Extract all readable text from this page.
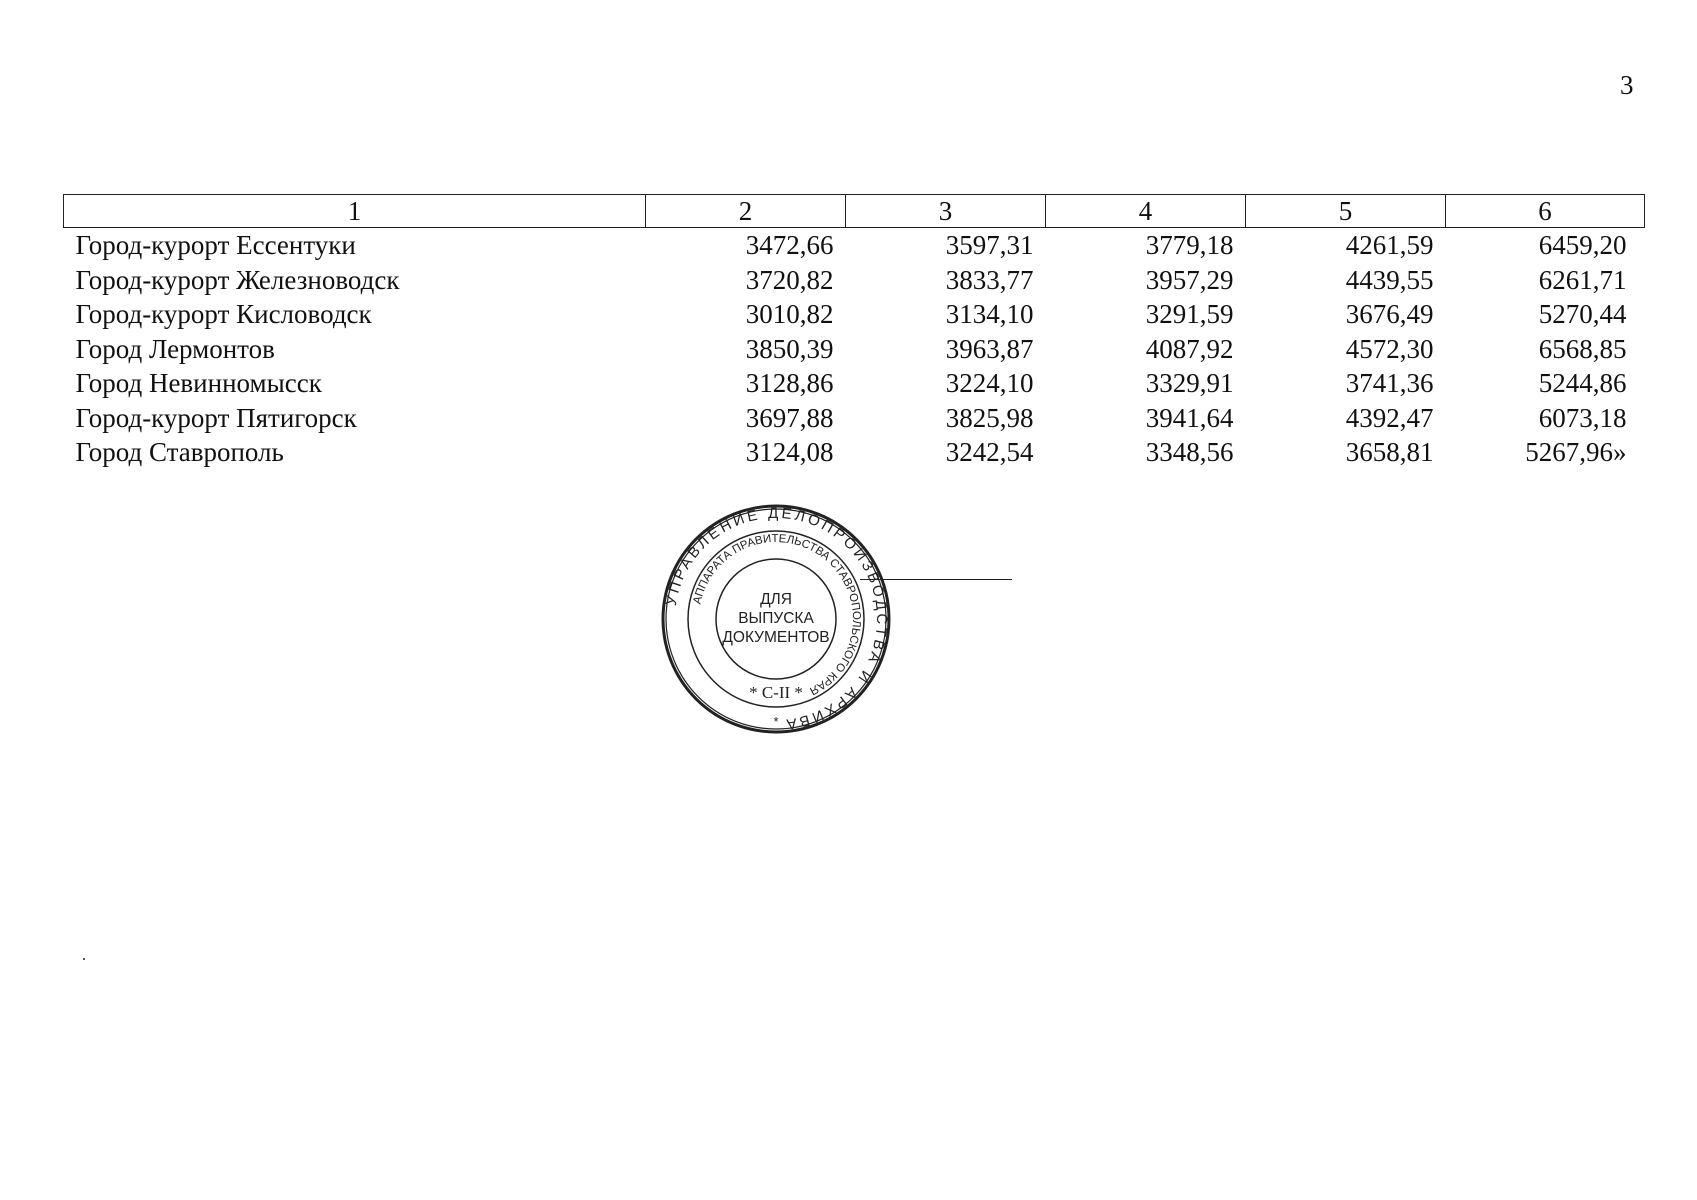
3
1	2	3	4	5	6
Город-курорт Ессентуки	3472,66	3597,31	3779,18	4261,59	6459,20
Город-курорт Железноводск	3720,82	3833,77	3957,29	4439,55	6261,71
Город-курорт Кисловодск	3010,82	3134,10	3291,59	3676,49	5270,44
Город Лермонтов	3850,39	3963,87	4087,92	4572,30	6568,85
Город Невинномысск	3128,86	3224,10	3329,91	3741,36	5244,86
Город-курорт Пятигорск	3697,88	3825,98	3941,64	4392,47	6073,18
Город Ставрополь	3124,08	3242,54	3348,56	3658,81	5267,96»
УПРАВЛЕНИЕ ДЕЛОПРОИЗВОДСТВА И АРХИВА
АППАРАТА ПРАВИТЕЛЬСТВА СТАВРОПОЛЬСКОГО КРАЯ
ДЛЯ
ВЫПУСКА
ДОКУМЕНТОВ
* С-II *
*
